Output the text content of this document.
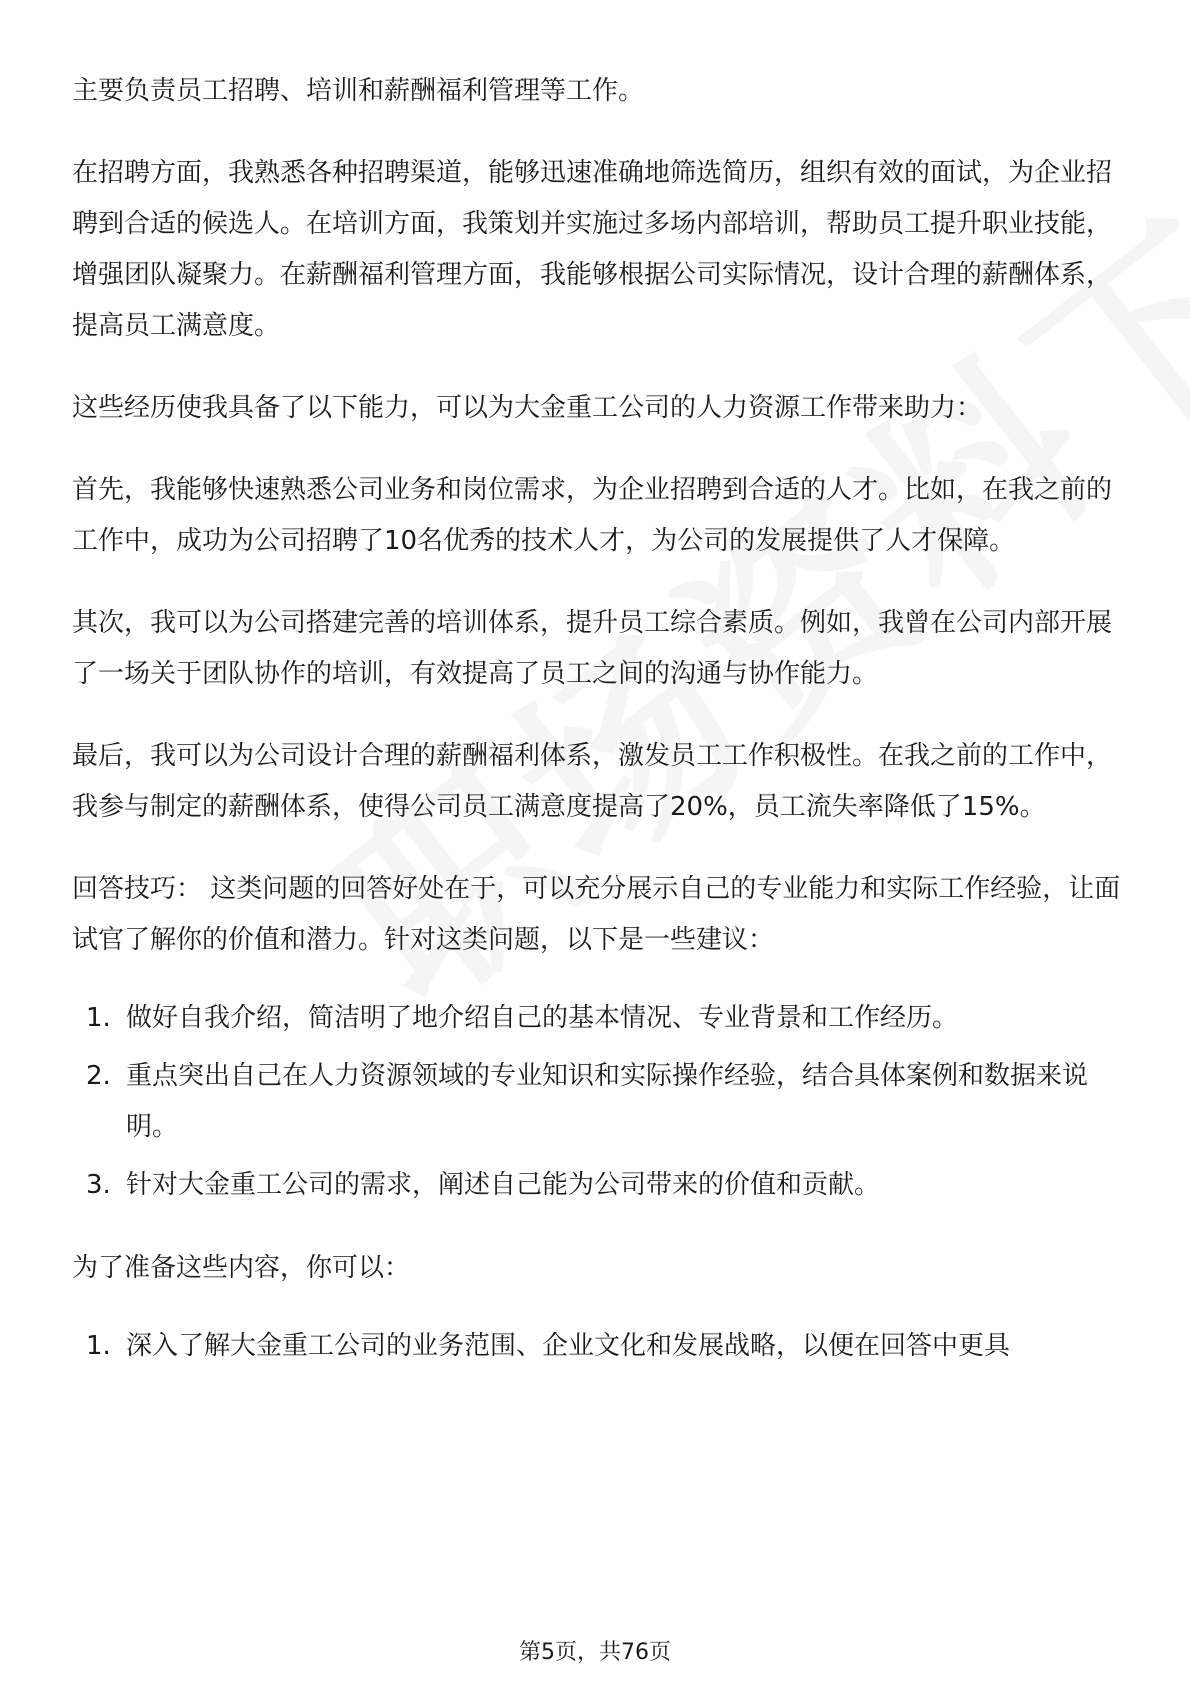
主要负责员工招聘、培训和薪酬福利管理等工作。

在招聘方面，我熟悉各种招聘渠道，能够迅速准确地筛选简历，组织有效的面试，为企业招聘到合适的候选人。在培训方面，我策划并实施过多场内部培训，帮助员工提升职业技能，增强团队凝聚力。在薪酬福利管理方面，我能够根据公司实际情况，设计合理的薪酬体系，提高员工满意度。

这些经历使我具备了以下能力，可以为大金重工公司的人力资源工作带来助力：

首先，我能够快速熟悉公司业务和岗位需求，为企业招聘到合适的人才。比如，在我之前的工作中，成功为公司招聘了10名优秀的技术人才，为公司的发展提供了人才保障。

其次，我可以为公司搭建完善的培训体系，提升员工综合素质。例如，我曾在公司内部开展了一场关于团队协作的培训，有效提高了员工之间的沟通与协作能力。

最后，我可以为公司设计合理的薪酬福利体系，激发员工工作积极性。在我之前的工作中，我参与制定的薪酬体系，使得公司员工满意度提高了20%，员工流失率降低了15%。

回答技巧： 这类问题的回答好处在于，可以充分展示自己的专业能力和实际工作经验，让面试官了解你的价值和潜力。针对这类问题，以下是一些建议：

1. 做好自我介绍，简洁明了地介绍自己的基本情况、专业背景和工作经历。
2. 重点突出自己在人力资源领域的专业知识和实际操作经验，结合具体案例和数据来说明。
3. 针对大金重工公司的需求，阐述自己能为公司带来的价值和贡献。

为了准备这些内容，你可以：

1. 深入了解大金重工公司的业务范围、企业文化和发展战略，以便在回答中更具
第5页，共76页
